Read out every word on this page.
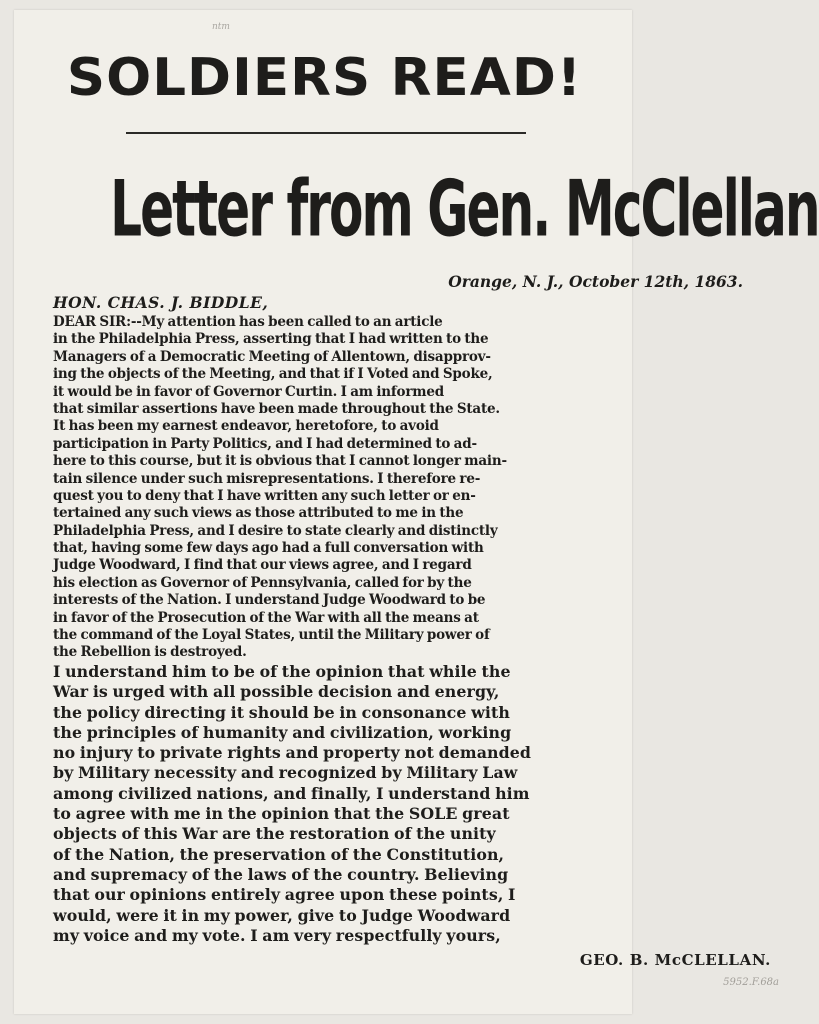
ntm
SOLDIERS READ!
Letter from Gen. McClellan
Orange, N. J., October 12th, 1863.
HON. CHAS. J. BIDDLE,
DEAR SIR:--My attention has been called to an article
in the Philadelphia Press, asserting that I had written to the
Managers of a Democratic Meeting of Allentown, disapprov-
ing the objects of the Meeting, and that if I Voted and Spoke,
it would be in favor of Governor Curtin. I am informed
that similar assertions have been made throughout the State.
It has been my earnest endeavor, heretofore, to avoid
participation in Party Politics, and I had determined to ad-
here to this course, but it is obvious that I cannot longer main-
tain silence under such misrepresentations. I therefore re-
quest you to deny that I have written any such letter or en-
tertained any such views as those attributed to me in the
Philadelphia Press, and I desire to state clearly and distinctly
that, having some few days ago had a full conversation with
Judge Woodward, I find that our views agree, and I regard
his election as Governor of Pennsylvania, called for by the
interests of the Nation. I understand Judge Woodward to be
in favor of the Prosecution of the War with all the means at
the command of the Loyal States, until the Military power of
the Rebellion is destroyed.
I understand him to be of the opinion that while the
War is urged with all possible decision and energy,
the policy directing it should be in consonance with
the principles of humanity and civilization, working
no injury to private rights and property not demanded
by Military necessity and recognized by Military Law
among civilized nations, and finally, I understand him
to agree with me in the opinion that the SOLE great
objects of this War are the restoration of the unity
of the Nation, the preservation of the Constitution,
and supremacy of the laws of the country. Believing
that our opinions entirely agree upon these points, I
would, were it in my power, give to Judge Woodward
my voice and my vote. I am very respectfully yours,
GEO. B. McCLELLAN.
5952.F.68a
